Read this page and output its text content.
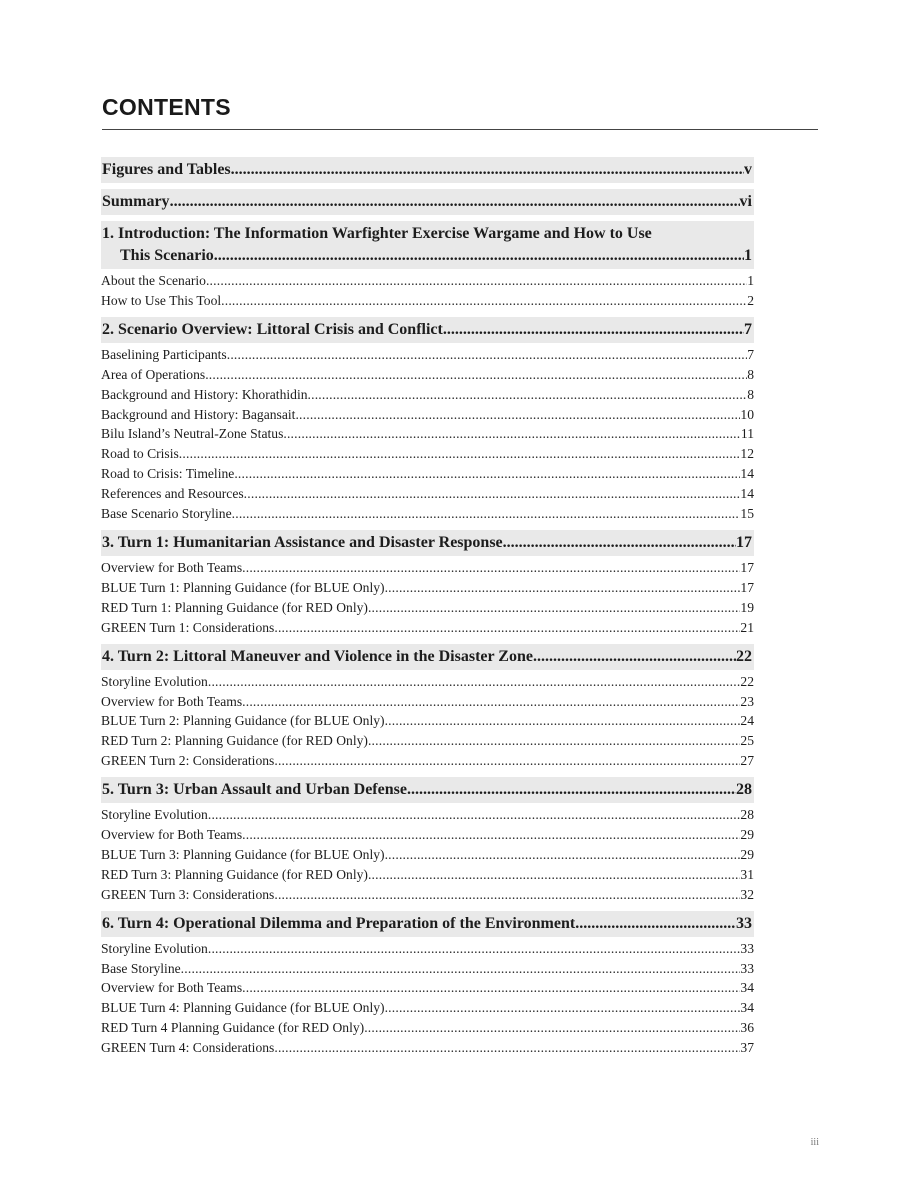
CONTENTS
Figures and Tables .....	v
Summary .....	vi
1. Introduction: The Information Warfighter Exercise Wargame and How to Use
This Scenario .....	1
About the Scenario .....	1
How to Use This Tool .....	2
2. Scenario Overview: Littoral Crisis and Conflict .....	7
Baselining Participants .....	7
Area of Operations .....	8
Background and History: Khorathidin .....	8
Background and History: Bagansait .....	10
Bilu Island’s Neutral-Zone Status .....	11
Road to Crisis .....	12
Road to Crisis: Timeline .....	14
References and Resources .....	14
Base Scenario Storyline .....	15
3. Turn 1: Humanitarian Assistance and Disaster Response .....	17
Overview for Both Teams .....	17
BLUE Turn 1: Planning Guidance (for BLUE Only) .....	17
RED Turn 1: Planning Guidance (for RED Only) .....	19
GREEN Turn 1: Considerations .....	21
4. Turn 2: Littoral Maneuver and Violence in the Disaster Zone .....	22
Storyline Evolution .....	22
Overview for Both Teams .....	23
BLUE Turn 2: Planning Guidance (for BLUE Only) .....	24
RED Turn 2: Planning Guidance (for RED Only) .....	25
GREEN Turn 2: Considerations .....	27
5. Turn 3: Urban Assault and Urban Defense .....	28
Storyline Evolution .....	28
Overview for Both Teams .....	29
BLUE Turn 3: Planning Guidance (for BLUE Only) .....	29
RED Turn 3: Planning Guidance (for RED Only) .....	31
GREEN Turn 3: Considerations .....	32
6. Turn 4: Operational Dilemma and Preparation of the Environment .....	33
Storyline Evolution .....	33
Base Storyline .....	33
Overview for Both Teams .....	34
BLUE Turn 4: Planning Guidance (for BLUE Only) .....	34
RED Turn 4 Planning Guidance (for RED Only) .....	36
GREEN Turn 4: Considerations .....	37
iii
